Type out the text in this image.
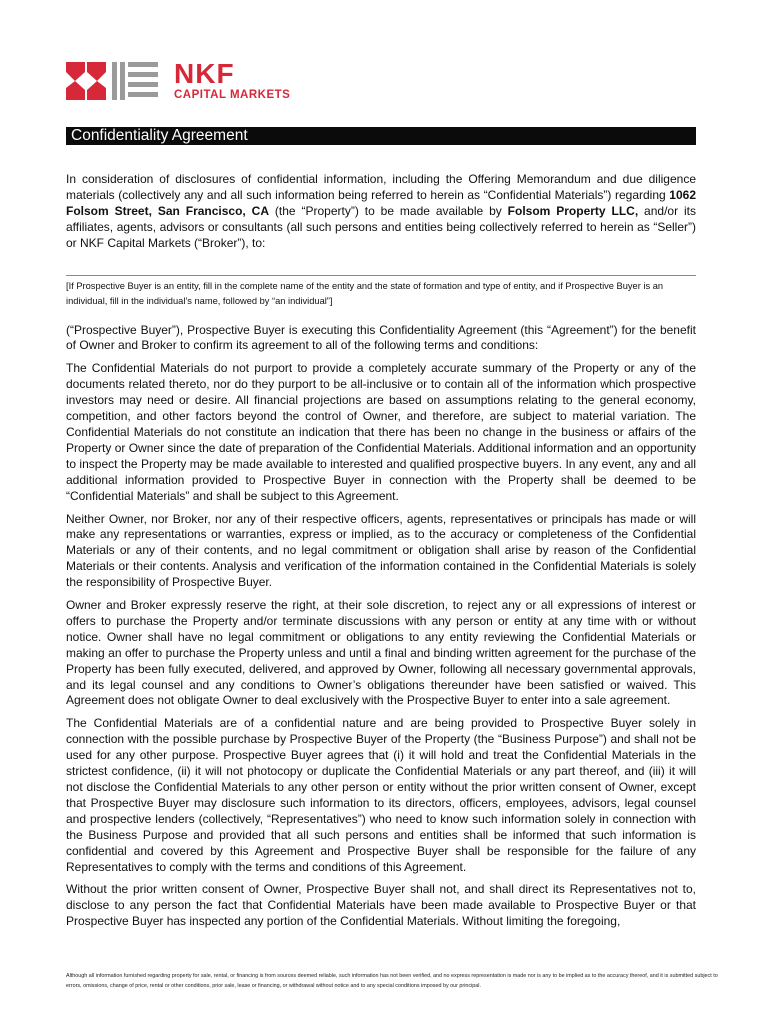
NKF
CAPITAL MARKETS
Confidentiality Agreement

In consideration of disclosures of confidential information, including the Offering Memorandum and due diligence materials (collectively any and all such information being referred to herein as “Confidential Materials”) regarding 1062 Folsom Street, San Francisco, CA (the “Property”) to be made available by Folsom Property LLC, and/or its affiliates, agents, advisors or consultants (all such persons and entities being collectively referred to herein as “Seller”) or NKF Capital Markets (“Broker”), to:

[If Prospective Buyer is an entity, fill in the complete name of the entity and the state of formation and type of entity, and if Prospective Buyer is an individual, fill in the individual’s name, followed by “an individual”]

(“Prospective Buyer”), Prospective Buyer is executing this Confidentiality Agreement (this “Agreement”) for the benefit of Owner and Broker to confirm its agreement to all of the following terms and conditions:

The Confidential Materials do not purport to provide a completely accurate summary of the Property or any of the documents related thereto, nor do they purport to be all-inclusive or to contain all of the information which prospective investors may need or desire. All financial projections are based on assumptions relating to the general economy, competition, and other factors beyond the control of Owner, and therefore, are subject to material variation. The Confidential Materials do not constitute an indication that there has been no change in the business or affairs of the Property or Owner since the date of preparation of the Confidential Materials. Additional information and an opportunity to inspect the Property may be made available to interested and qualified prospective buyers. In any event, any and all additional information provided to Prospective Buyer in connection with the Property shall be deemed to be “Confidential Materials” and shall be subject to this Agreement.

Neither Owner, nor Broker, nor any of their respective officers, agents, representatives or principals has made or will make any representations or warranties, express or implied, as to the accuracy or completeness of the Confidential Materials or any of their contents, and no legal commitment or obligation shall arise by reason of the Confidential Materials or their contents. Analysis and verification of the information contained in the Confidential Materials is solely the responsibility of Prospective Buyer.

Owner and Broker expressly reserve the right, at their sole discretion, to reject any or all expressions of interest or offers to purchase the Property and/or terminate discussions with any person or entity at any time with or without notice. Owner shall have no legal commitment or obligations to any entity reviewing the Confidential Materials or making an offer to purchase the Property unless and until a final and binding written agreement for the purchase of the Property has been fully executed, delivered, and approved by Owner, following all necessary governmental approvals, and its legal counsel and any conditions to Owner’s obligations thereunder have been satisfied or waived. This Agreement does not obligate Owner to deal exclusively with the Prospective Buyer to enter into a sale agreement.

The Confidential Materials are of a confidential nature and are being provided to Prospective Buyer solely in connection with the possible purchase by Prospective Buyer of the Property (the “Business Purpose”) and shall not be used for any other purpose. Prospective Buyer agrees that (i) it will hold and treat the Confidential Materials in the strictest confidence, (ii) it will not photocopy or duplicate the Confidential Materials or any part thereof, and (iii) it will not disclose the Confidential Materials to any other person or entity without the prior written consent of Owner, except that Prospective Buyer may disclosure such information to its directors, officers, employees, advisors, legal counsel and prospective lenders (collectively, “Representatives”) who need to know such information solely in connection with the Business Purpose and provided that all such persons and entities shall be informed that such information is confidential and covered by this Agreement and Prospective Buyer shall be responsible for the failure of any Representatives to comply with the terms and conditions of this Agreement.

Without the prior written consent of Owner, Prospective Buyer shall not, and shall direct its Representatives not to, disclose to any person the fact that Confidential Materials have been made available to Prospective Buyer or that Prospective Buyer has inspected any portion of the Confidential Materials. Without limiting the foregoing,

Although all information furnished regarding property for sale, rental, or financing is from sources deemed reliable, such information has not been verified, and no express representation is made nor is any to be implied as to the accuracy thereof, and it is submitted subject to errors, omissions, change of price, rental or other conditions, prior sale, lease or financing, or withdrawal without notice and to any special conditions imposed by our principal.
